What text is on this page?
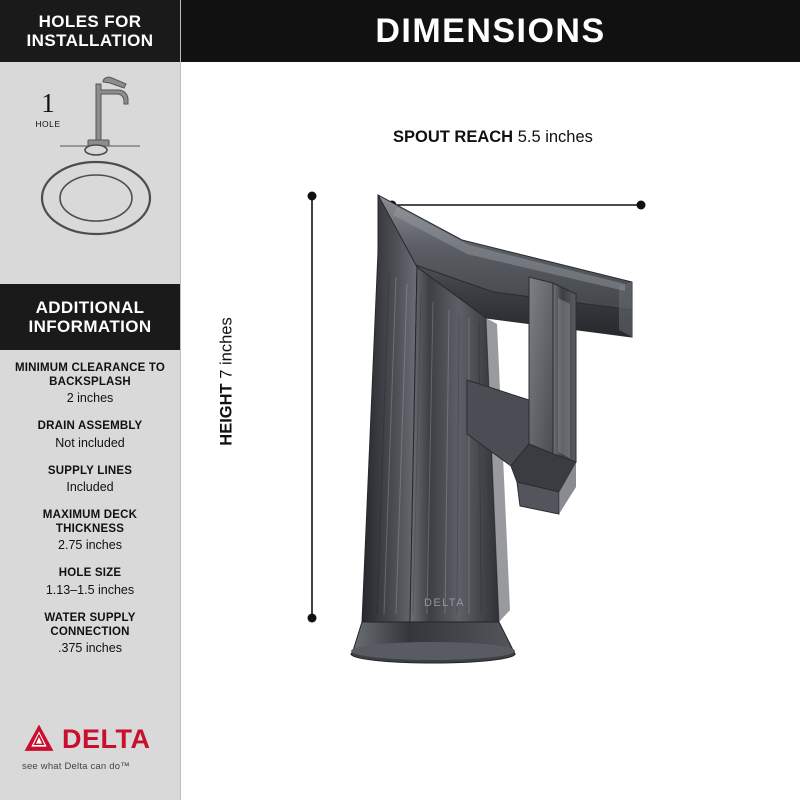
HOLES FOR INSTALLATION
1
HOLE
ADDITIONAL INFORMATION
MINIMUM CLEARANCE TO BACKSPLASH
2 inches
DRAIN ASSEMBLY
Not included
SUPPLY LINES
Included
MAXIMUM DECK THICKNESS
2.75 inches
HOLE SIZE
1.13–1.5 inches
WATER SUPPLY CONNECTION
.375 inches
DELTA
see what Delta can do™
DIMENSIONS
SPOUT REACH 5.5 inches
HEIGHT 7 inches
DELTA
